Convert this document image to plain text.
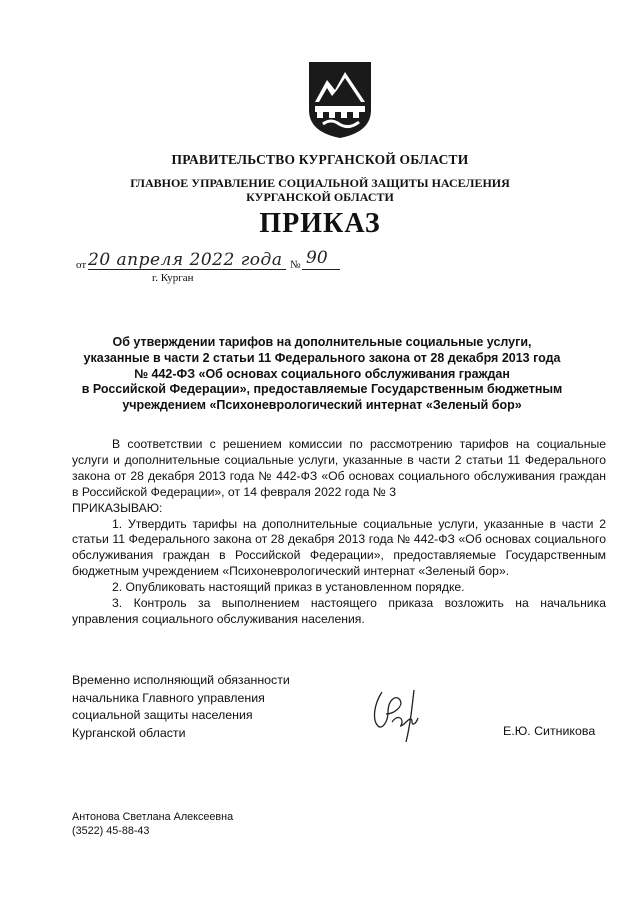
ПРАВИТЕЛЬСТВО КУРГАНСКОЙ ОБЛАСТИ
ГЛАВНОЕ УПРАВЛЕНИЕ СОЦИАЛЬНОЙ ЗАЩИТЫ НАСЕЛЕНИЯ
КУРГАНСКОЙ ОБЛАСТИ
ПРИКАЗ
от 20 апреля 2022 года № 90
г. Курган
Об утверждении тарифов на дополнительные социальные услуги,
указанные в части 2 статьи 11 Федерального закона от 28 декабря 2013 года
№ 442-ФЗ «Об основах социального обслуживания граждан
в Российской Федерации», предоставляемые Государственным бюджетным
учреждением «Психоневрологический интернат «Зеленый бор»

В соответствии с решением комиссии по рассмотрению тарифов на социальные услуги и дополнительные социальные услуги, указанные в части 2 статьи 11 Федерального закона от 28 декабря 2013 года № 442-ФЗ «Об основах социального обслуживания граждан в Российской Федерации», от 14 февраля 2022 года № 3

ПРИКАЗЫВАЮ:

1. Утвердить тарифы на дополнительные социальные услуги, указанные в части 2 статьи 11 Федерального закона от 28 декабря 2013 года № 442-ФЗ «Об основах социального обслуживания граждан в Российской Федерации», предоставляемые Государственным бюджетным учреждением «Психоневрологический интернат «Зеленый бор».

2. Опубликовать настоящий приказ в установленном порядке.

3. Контроль за выполнением настоящего приказа возложить на начальника управления социального обслуживания населения.

Временно исполняющий обязанности
начальника Главного управления
социальной защиты населения
Курганской области	Е.Ю. Ситникова
Антонова Светлана Алексеевна
(3522) 45-88-43
